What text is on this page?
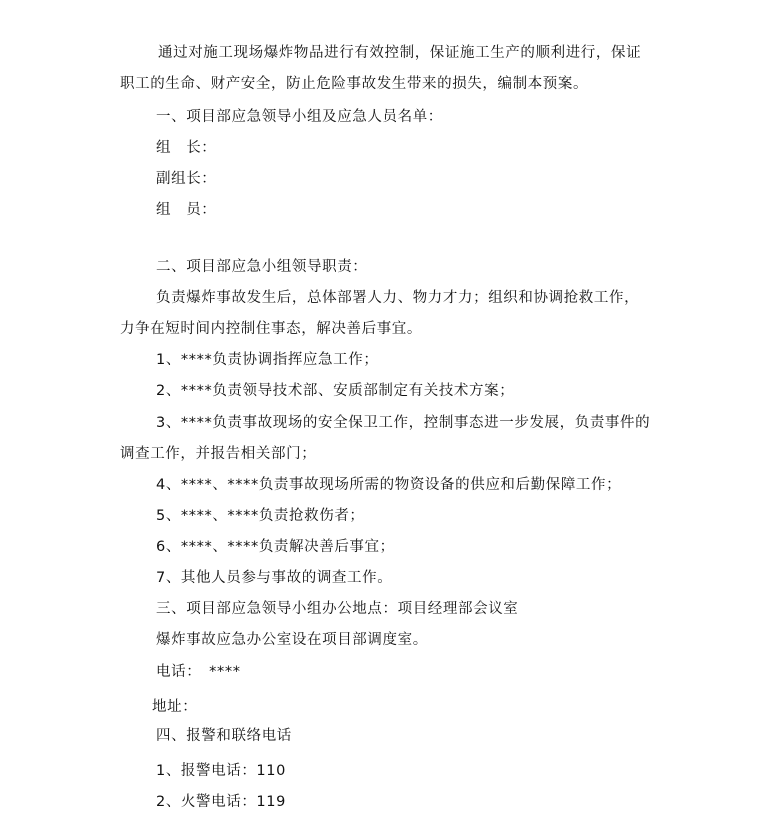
通过对施工现场爆炸物品进行有效控制，保证施工生产的顺利进行，保证
职工的生命、财产安全，防止危险事故发生带来的损失，编制本预案。
一、项目部应急领导小组及应急人员名单：
组　长：
副组长：
组　员：
二、项目部应急小组领导职责：
负责爆炸事故发生后，总体部署人力、物力才力；组织和协调抢救工作，
力争在短时间内控制住事态，解决善后事宜。
1、****负责协调指挥应急工作；
2、****负责领导技术部、安质部制定有关技术方案；
3、****负责事故现场的安全保卫工作，控制事态进一步发展，负责事件的
调查工作，并报告相关部门；
4、****、****负责事故现场所需的物资设备的供应和后勤保障工作；
5、****、****负责抢救伤者；
6、****、****负责解决善后事宜；
7、其他人员参与事故的调查工作。
三、项目部应急领导小组办公地点：项目经理部会议室
爆炸事故应急办公室设在项目部调度室。
电话：　****
地址：
四、报警和联络电话
1、报警电话：110
2、火警电话：119
